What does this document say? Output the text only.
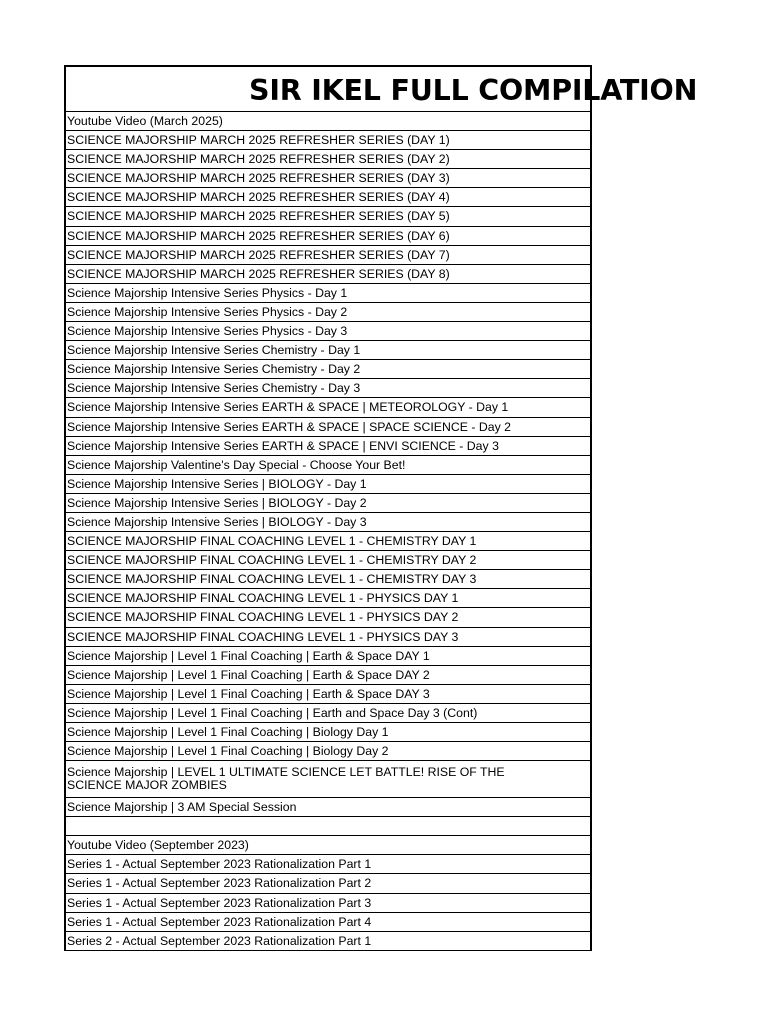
SIR IKEL FULL COMPILATION
Youtube Video (March 2025)
SCIENCE MAJORSHIP MARCH 2025 REFRESHER SERIES (DAY 1)
SCIENCE MAJORSHIP MARCH 2025 REFRESHER SERIES (DAY 2)
SCIENCE MAJORSHIP MARCH 2025 REFRESHER SERIES (DAY 3)
SCIENCE MAJORSHIP MARCH 2025 REFRESHER SERIES (DAY 4)
SCIENCE MAJORSHIP MARCH 2025 REFRESHER SERIES (DAY 5)
SCIENCE MAJORSHIP MARCH 2025 REFRESHER SERIES (DAY 6)
SCIENCE MAJORSHIP MARCH 2025 REFRESHER SERIES (DAY 7)
SCIENCE MAJORSHIP MARCH 2025 REFRESHER SERIES (DAY 8)
Science Majorship Intensive Series Physics - Day 1
Science Majorship Intensive Series Physics - Day 2
Science Majorship Intensive Series Physics - Day 3
Science Majorship Intensive Series Chemistry - Day 1
Science Majorship Intensive Series Chemistry - Day 2
Science Majorship Intensive Series Chemistry - Day 3
Science Majorship Intensive Series EARTH & SPACE | METEOROLOGY - Day 1
Science Majorship Intensive Series EARTH & SPACE | SPACE SCIENCE - Day 2
Science Majorship Intensive Series EARTH & SPACE | ENVI SCIENCE - Day 3
Science Majorship Valentine's Day Special - Choose Your Bet!
Science Majorship Intensive Series | BIOLOGY - Day 1
Science Majorship Intensive Series | BIOLOGY - Day 2
Science Majorship Intensive Series | BIOLOGY - Day 3
SCIENCE MAJORSHIP FINAL COACHING LEVEL 1 - CHEMISTRY DAY 1
SCIENCE MAJORSHIP FINAL COACHING LEVEL 1 - CHEMISTRY DAY 2
SCIENCE MAJORSHIP FINAL COACHING LEVEL 1 - CHEMISTRY DAY 3
SCIENCE MAJORSHIP FINAL COACHING LEVEL 1 - PHYSICS DAY 1
SCIENCE MAJORSHIP FINAL COACHING LEVEL 1 - PHYSICS DAY 2
SCIENCE MAJORSHIP FINAL COACHING LEVEL 1 - PHYSICS DAY 3
Science Majorship | Level 1 Final Coaching | Earth & Space DAY 1
Science Majorship | Level 1 Final Coaching | Earth & Space DAY 2
Science Majorship | Level 1 Final Coaching | Earth & Space DAY 3
Science Majorship | Level 1 Final Coaching | Earth and Space Day 3 (Cont)
Science Majorship | Level 1 Final Coaching | Biology Day 1
Science Majorship | Level 1 Final Coaching | Biology Day 2
Science Majorship | LEVEL 1 ULTIMATE SCIENCE LET BATTLE! RISE OF THE SCIENCE MAJOR ZOMBIES
Science Majorship | 3 AM Special Session
Youtube Video (September 2023)
Series 1 - Actual September 2023 Rationalization Part 1
Series 1 - Actual September 2023 Rationalization Part 2
Series 1 - Actual September 2023 Rationalization Part 3
Series 1 - Actual September 2023 Rationalization Part 4
Series 2 - Actual September 2023 Rationalization Part 1
